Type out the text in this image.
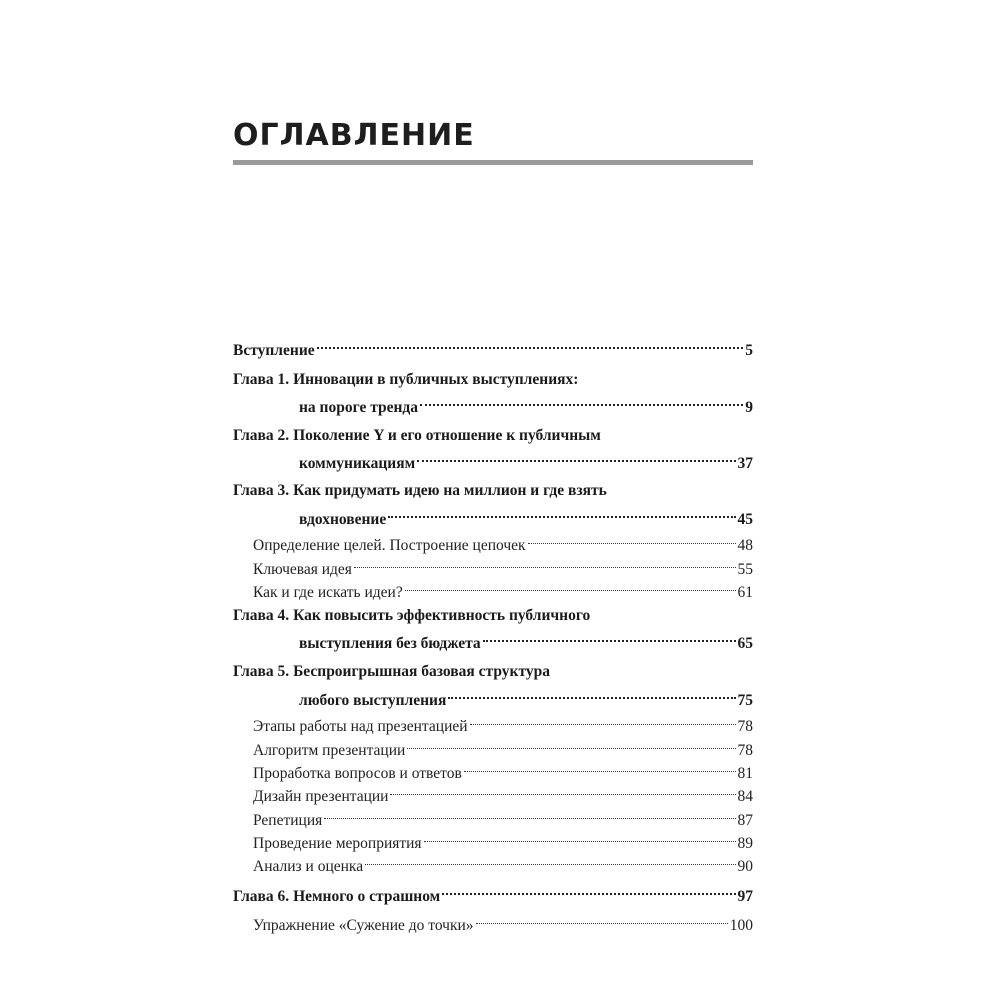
ОГЛАВЛЕНИЕ
Вступление	5
Глава 1. Инновации в публичных выступлениях:
на пороге тренда	9
Глава 2. Поколение Y и его отношение к публичным
коммуникациям	37
Глава 3. Как придумать идею на миллион и где взять
вдохновение	45
Определение целей. Построение цепочек	48
Ключевая идея	55
Как и где искать идеи?	61
Глава 4. Как повысить эффективность публичного
выступления без бюджета	65
Глава 5. Беспроигрышная базовая структура
любого выступления	75
Этапы работы над презентацией	78
Алгоритм презентации	78
Проработка вопросов и ответов	81
Дизайн презентации	84
Репетиция	87
Проведение мероприятия	89
Анализ и оценка	90
Глава 6. Немного о страшном	97
Упражнение «Сужение до точки»	100
